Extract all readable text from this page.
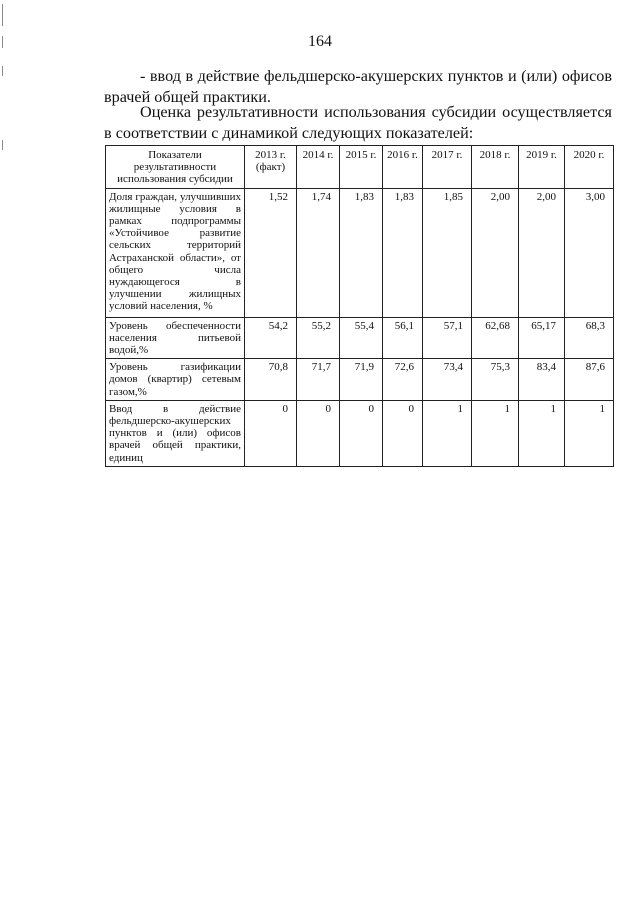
164
- ввод в действие фельдшерско-акушерских пунктов и (или) офисов врачей общей практики.
Оценка результативности использования субсидии осуществляется в соответствии с динамикой следующих показателей:
Показатели результативности использования субсидии	2013 г. (факт)	2014 г.	2015 г.	2016 г.	2017 г.	2018 г.	2019 г.	2020 г.
Доля граждан, улучшивших жилищные условия в рамках подпрограммы «Устойчивое развитие сельских территорий Астраханской области», от общего числа нуждающегося в улучшении жилищных условий населения, %	1,52	1,74	1,83	1,83	1,85	2,00	2,00	3,00
Уровень обеспеченности населения питьевой водой,%	54,2	55,2	55,4	56,1	57,1	62,68	65,17	68,3
Уровень газификации домов (квартир) сетевым газом,%	70,8	71,7	71,9	72,6	73,4	75,3	83,4	87,6
Ввод в действие фельдшерско-акушерских пунктов и (или) офисов врачей общей практики, единиц	0	0	0	0	1	1	1	1
